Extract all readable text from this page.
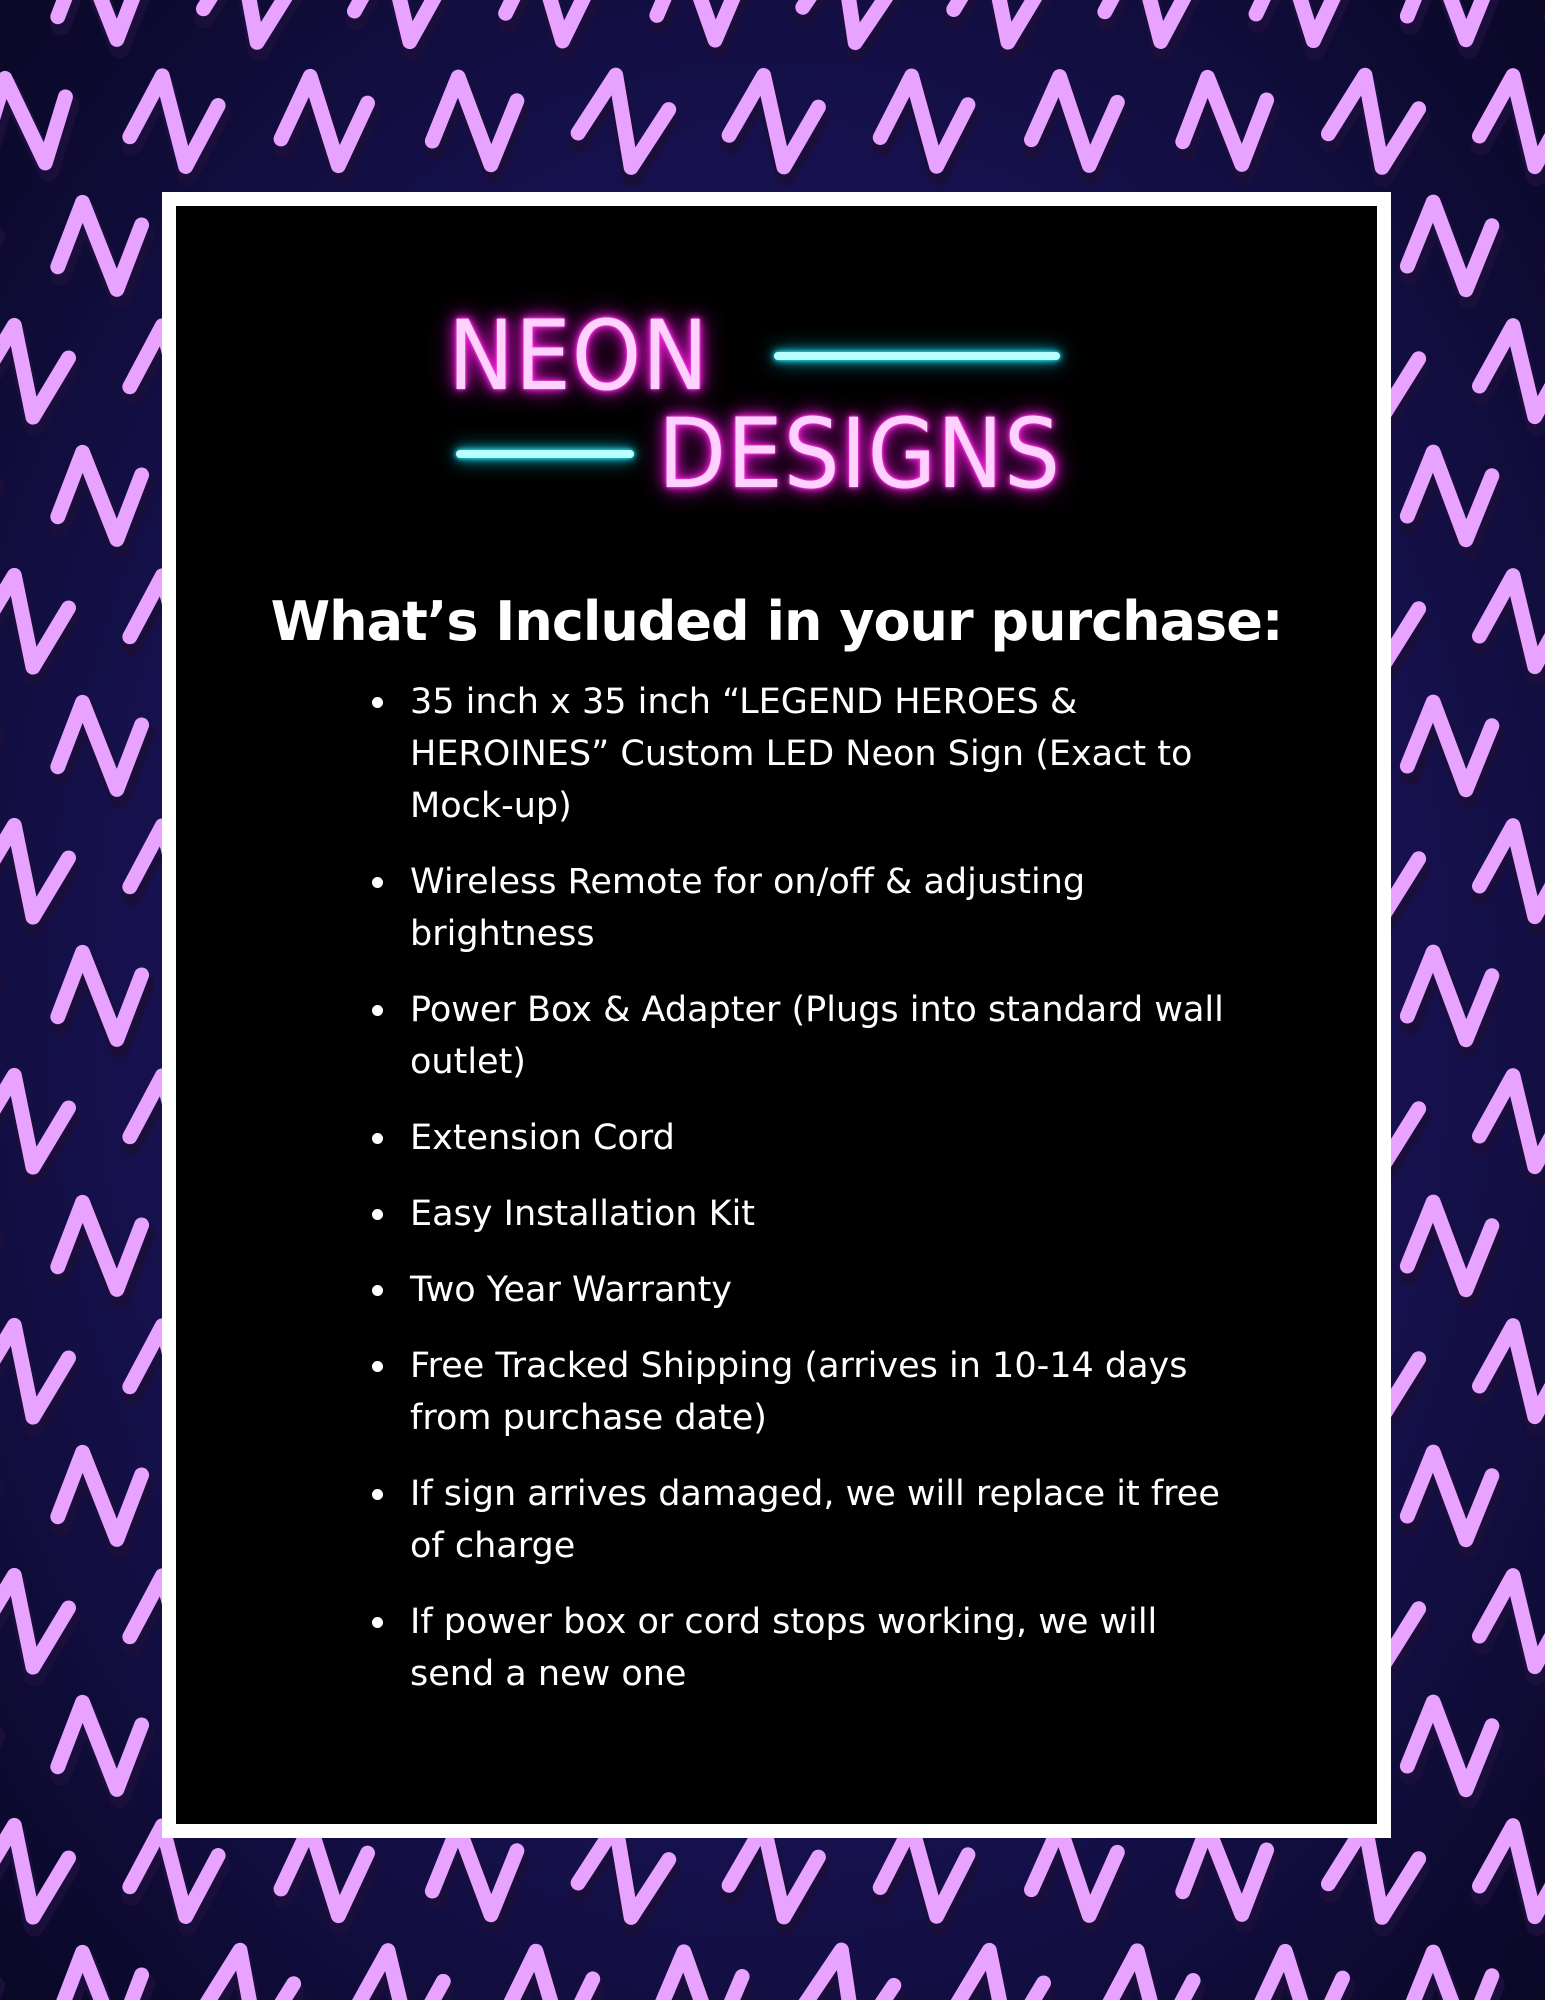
NEON
DESIGNS
What’s Included in your purchase:
35 inch x 35 inch “LEGEND HEROES & HEROINES” Custom LED Neon Sign (Exact to Mock-up)
Wireless Remote for on/off & adjusting brightness
Power Box & Adapter (Plugs into standard wall outlet)
Extension Cord
Easy Installation Kit
Two Year Warranty
Free Tracked Shipping (arrives in 10-14 days from purchase date)
If sign arrives damaged, we will replace it free of charge
If power box or cord stops working, we will send a new one
